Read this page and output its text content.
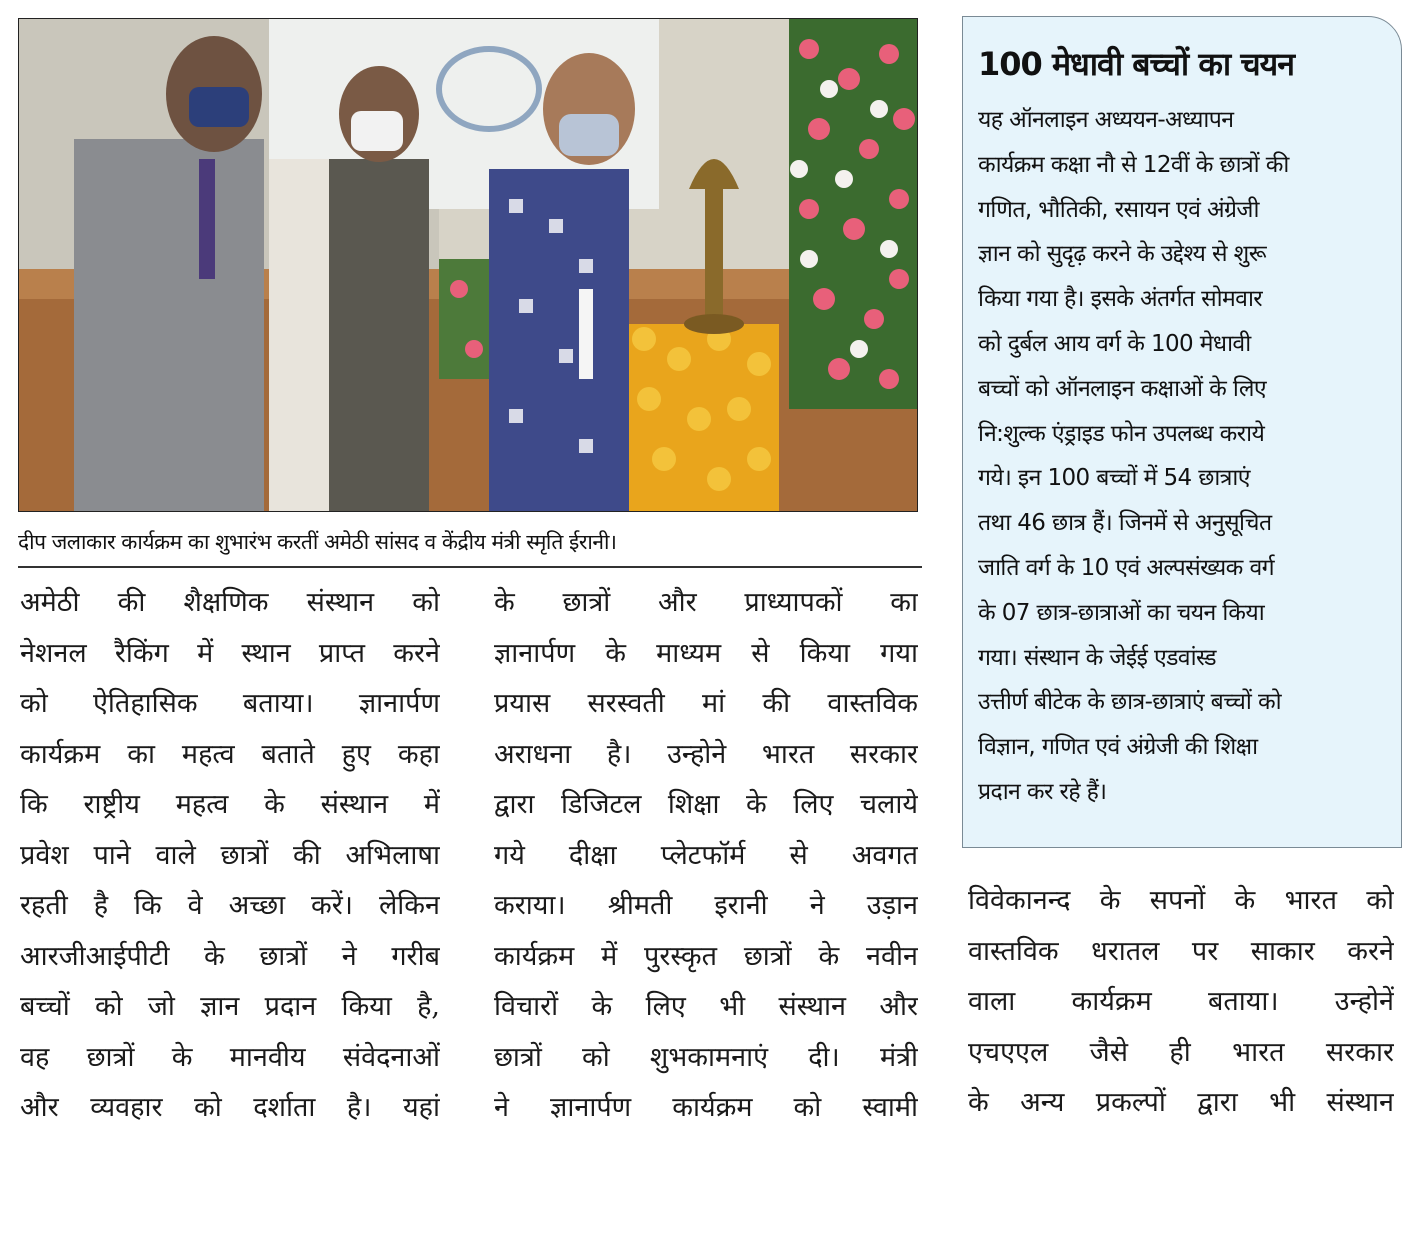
दीप जलाकार कार्यक्रम का शुभारंभ करतीं अमेठी सांसद व केंद्रीय मंत्री स्मृति ईरानी।
अमेठी की शैक्षणिक संस्थान को
नेशनल रैकिंग में स्थान प्राप्त करने
को ऐतिहासिक बताया। ज्ञानार्पण
कार्यक्रम का महत्व बताते हुए कहा
कि राष्ट्रीय महत्व के संस्थान में
प्रवेश पाने वाले छात्रों की अभिलाषा
रहती है कि वे अच्छा करें। लेकिन
आरजीआईपीटी के छात्रों ने गरीब
बच्चों को जो ज्ञान प्रदान किया है,
वह छात्रों के मानवीय संवेदनाओं
और व्यवहार को दर्शाता है। यहां
के छात्रों और प्राध्यापकों का
ज्ञानार्पण के माध्यम से किया गया
प्रयास सरस्वती मां की वास्तविक
अराधना है। उन्होने भारत सरकार
द्वारा डिजिटल शिक्षा के लिए चलाये
गये दीक्षा प्लेटफॉर्म से अवगत
कराया। श्रीमती इरानी ने उड़ान
कार्यक्रम में पुरस्कृत छात्रों के नवीन
विचारों के लिए भी संस्थान और
छात्रों को शुभकामनाएं दी। मंत्री
ने ज्ञानार्पण कार्यक्रम को स्वामी
100 मेधावी बच्चों का चयन
यह ऑनलाइन अध्ययन-अध्यापन
कार्यक्रम कक्षा नौ से 12वीं के छात्रों की
गणित, भौतिकी, रसायन एवं अंग्रेजी
ज्ञान को सुदृढ़ करने के उद्देश्य से शुरू
किया गया है। इसके अंतर्गत सोमवार
को दुर्बल आय वर्ग के 100 मेधावी
बच्चों को ऑनलाइन कक्षाओं के लिए
नि:शुल्क एंड्राइड फोन उपलब्ध कराये
गये। इन 100 बच्चों में 54 छात्राएं
तथा 46 छात्र हैं। जिनमें से अनुसूचित
जाति वर्ग के 10 एवं अल्पसंख्यक वर्ग
के 07 छात्र-छात्राओं का चयन किया
गया। संस्थान के जेईई एडवांस्ड
उत्तीर्ण बीटेक के छात्र-छात्राएं बच्चों को
विज्ञान, गणित एवं अंग्रेजी की शिक्षा
प्रदान कर रहे हैं।
विवेकानन्द के सपनों के भारत को
वास्तविक धरातल पर साकार करने
वाला कार्यक्रम बताया। उन्होनें
एचएएल जैसे ही भारत सरकार
के अन्य प्रकल्पों द्वारा भी संस्थान
